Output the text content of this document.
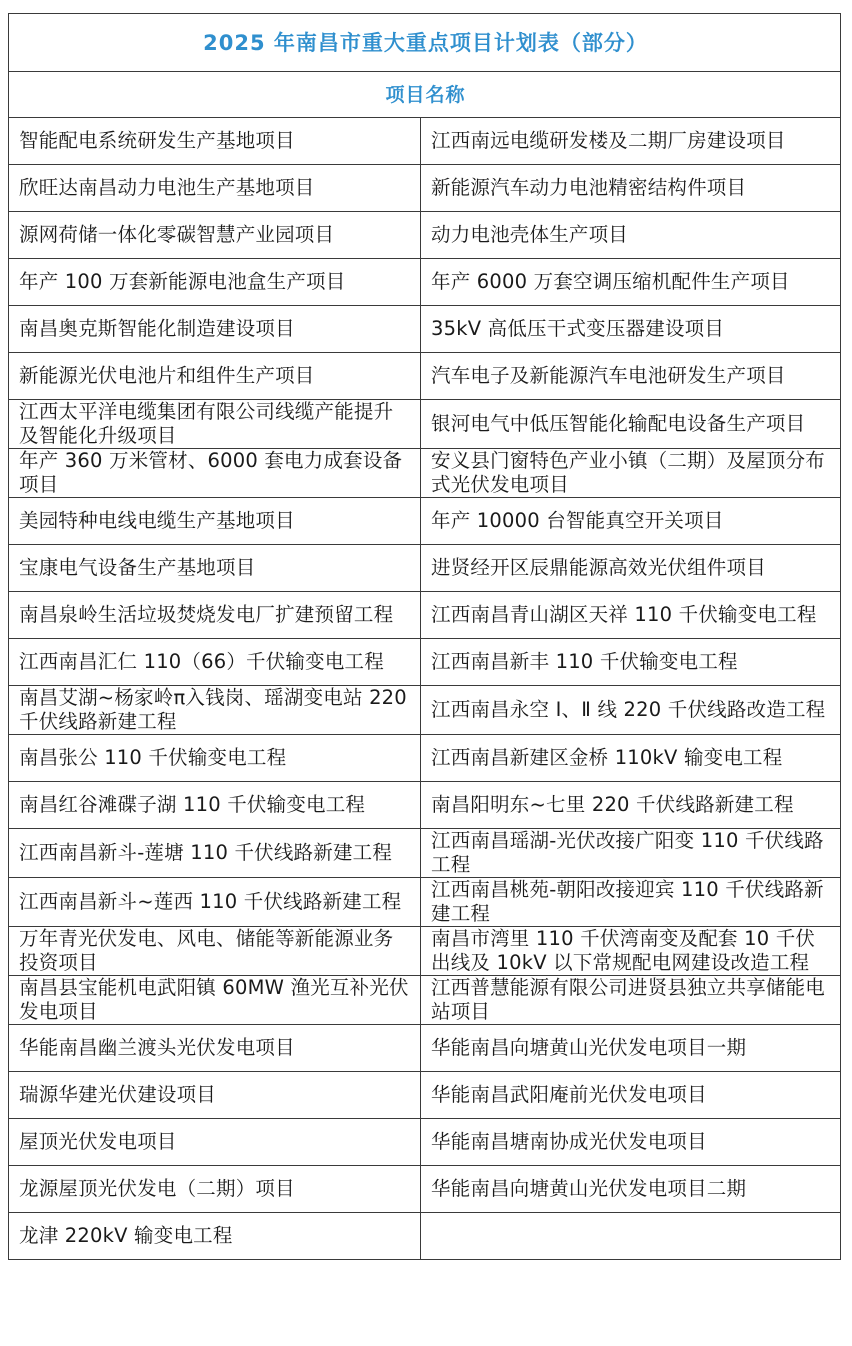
2025 年南昌市重大重点项目计划表（部分）	
项目名称	
智能配电系统研发生产基地项目	江西南远电缆研发楼及二期厂房建设项目
欣旺达南昌动力电池生产基地项目	新能源汽车动力电池精密结构件项目
源网荷储一体化零碳智慧产业园项目	动力电池壳体生产项目
年产 100 万套新能源电池盒生产项目	年产 6000 万套空调压缩机配件生产项目
南昌奥克斯智能化制造建设项目	35kV 高低压干式变压器建设项目
新能源光伏电池片和组件生产项目	汽车电子及新能源汽车电池研发生产项目
江西太平洋电缆集团有限公司线缆产能提升及智能化升级项目	银河电气中低压智能化输配电设备生产项目
年产 360 万米管材、6000 套电力成套设备项目	安义县门窗特色产业小镇（二期）及屋顶分布式光伏发电项目
美园特种电线电缆生产基地项目	年产 10000 台智能真空开关项目
宝康电气设备生产基地项目	进贤经开区辰鼎能源高效光伏组件项目
南昌泉岭生活垃圾焚烧发电厂扩建预留工程	江西南昌青山湖区天祥 110 千伏输变电工程
江西南昌汇仁 110（66）千伏输变电工程	江西南昌新丰 110 千伏输变电工程
南昌艾湖~杨家岭π入钱岗、瑶湖变电站 220 千伏线路新建工程	江西南昌永空 Ⅰ、Ⅱ 线 220 千伏线路改造工程
南昌张公 110 千伏输变电工程	江西南昌新建区金桥 110kV 输变电工程
南昌红谷滩碟子湖 110 千伏输变电工程	南昌阳明东~七里 220 千伏线路新建工程
江西南昌新斗-莲塘 110 千伏线路新建工程	江西南昌瑶湖-光伏改接广阳变 110 千伏线路工程
江西南昌新斗~莲西 110 千伏线路新建工程	江西南昌桃苑-朝阳改接迎宾 110 千伏线路新建工程
万年青光伏发电、风电、储能等新能源业务投资项目	南昌市湾里 110 千伏湾南变及配套 10 千伏出线及 10kV 以下常规配电网建设改造工程
南昌县宝能机电武阳镇 60MW 渔光互补光伏发电项目	江西普慧能源有限公司进贤县独立共享储能电站项目
华能南昌幽兰渡头光伏发电项目	华能南昌向塘黄山光伏发电项目一期
瑞源华建光伏建设项目	华能南昌武阳庵前光伏发电项目
屋顶光伏发电项目	华能南昌塘南协成光伏发电项目
龙源屋顶光伏发电（二期）项目	华能南昌向塘黄山光伏发电项目二期
龙津 220kV 输变电工程	
